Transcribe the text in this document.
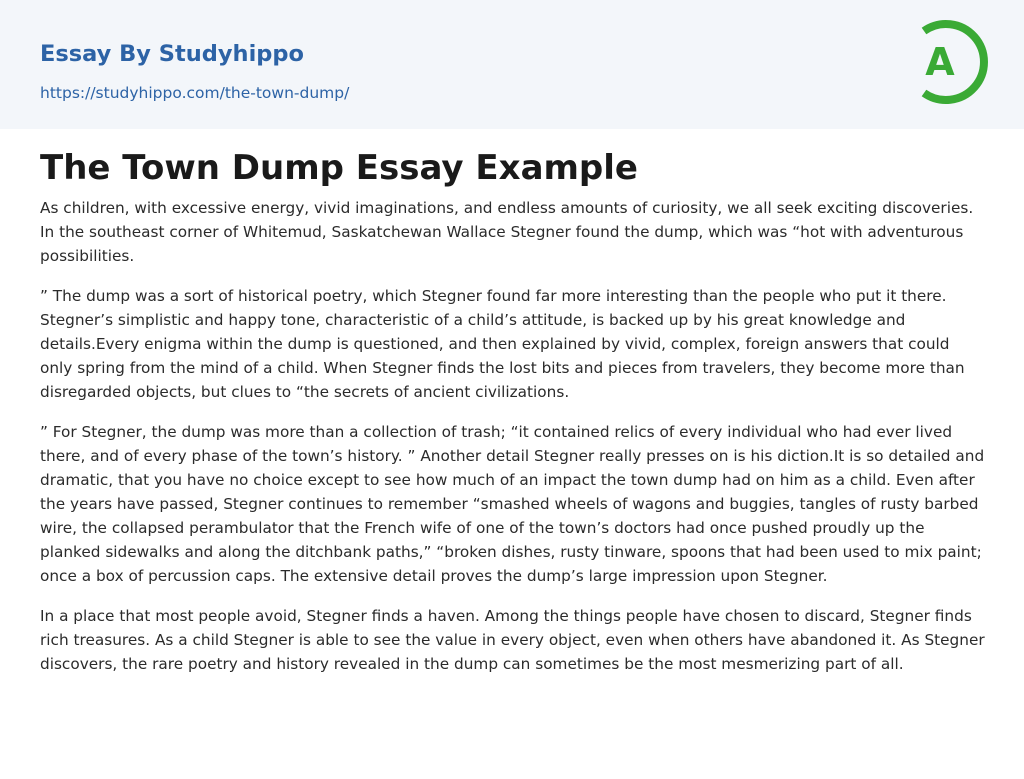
Essay By Studyhippo
https://studyhippo.com/the-town-dump/
A
The Town Dump Essay Example

As children, with excessive energy, vivid imaginations, and endless amounts of curiosity, we all seek exciting discoveries. In the southeast corner of Whitemud, Saskatchewan Wallace Stegner found the dump, which was “hot with adventurous possibilities.

” The dump was a sort of historical poetry, which Stegner found far more interesting than the people who put it there. Stegner’s simplistic and happy tone, characteristic of a child’s attitude, is backed up by his great knowledge and details.Every enigma within the dump is questioned, and then explained by vivid, complex, foreign answers that could only spring from the mind of a child. When Stegner finds the lost bits and pieces from travelers, they become more than disregarded objects, but clues to “the secrets of ancient civilizations.

” For Stegner, the dump was more than a collection of trash; “it contained relics of every individual who had ever lived there, and of every phase of the town’s history. ” Another detail Stegner really presses on is his diction.It is so detailed and dramatic, that you have no choice except to see how much of an impact the town dump had on him as a child. Even after the years have passed, Stegner continues to remember “smashed wheels of wagons and buggies, tangles of rusty barbed wire, the collapsed perambulator that the French wife of one of the town’s doctors had once pushed proudly up the planked sidewalks and along the ditchbank paths,” “broken dishes, rusty tinware, spoons that had been used to mix paint; once a box of percussion caps. The extensive detail proves the dump’s large impression upon Stegner.

In a place that most people avoid, Stegner finds a haven. Among the things people have chosen to discard, Stegner finds rich treasures. As a child Stegner is able to see the value in every object, even when others have abandoned it. As Stegner discovers, the rare poetry and history revealed in the dump can sometimes be the most mesmerizing part of all.
